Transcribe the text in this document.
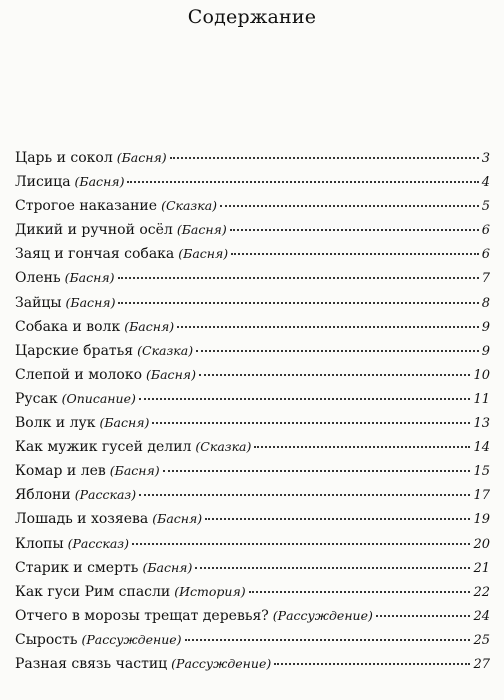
Содержание
Царь и сокол (Басня)	3
Лисица (Басня)	4
Строгое наказание (Сказка)	5
Дикий и ручной осёл (Басня)	6
Заяц и гончая собака (Басня)	6
Олень (Басня)	7
Зайцы (Басня)	8
Собака и волк (Басня)	9
Царские братья (Сказка)	9
Слепой и молоко (Басня)	10
Русак (Описание)	11
Волк и лук (Басня)	13
Как мужик гусей делил (Сказка)	14
Комар и лев (Басня)	15
Яблони (Рассказ)	17
Лошадь и хозяева (Басня)	19
Клопы (Рассказ)	20
Старик и смерть (Басня)	21
Как гуси Рим спасли (История)	22
Отчего в морозы трещат деревья? (Рассуждение)	24
Сырость (Рассуждение)	25
Разная связь частиц (Рассуждение)	27
